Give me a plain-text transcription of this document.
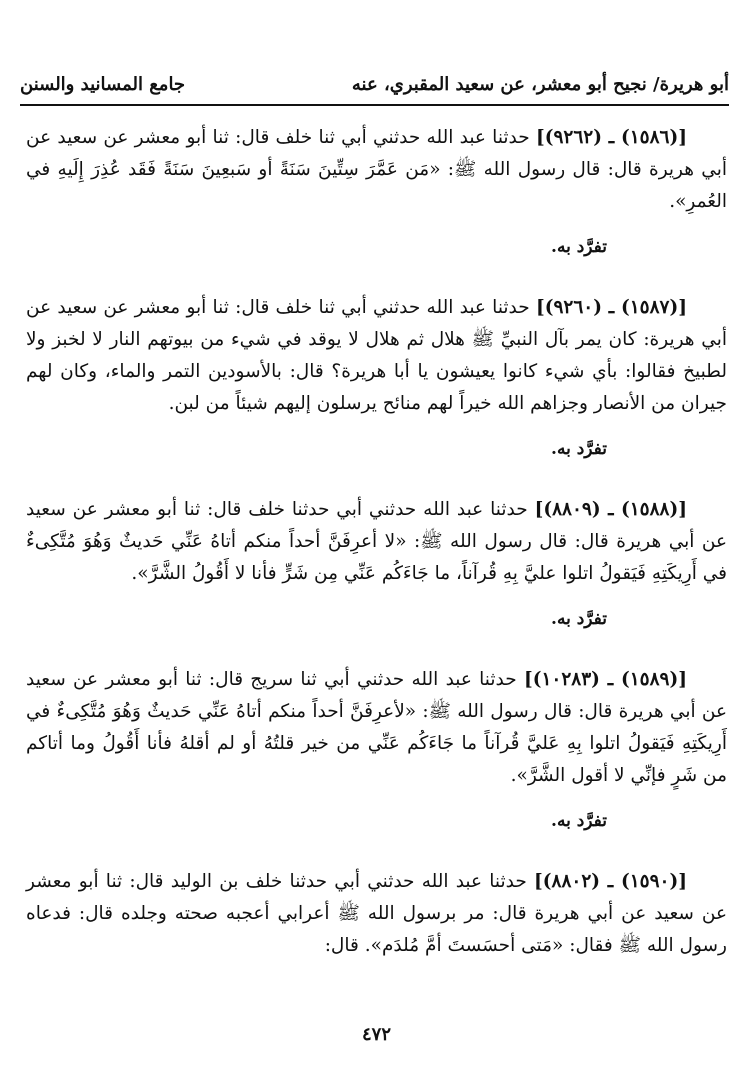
أبو هريرة/ نجيح أبو معشر، عن سعيد المقبري، عنه
جامع المسانيد والسنن

[(١٥٨٦) ـ (٩٢٦٢)] حدثنا عبد الله حدثني أبي ثنا خلف قال: ثنا أبو معشر عن سعيد عن أبي هريرة قال: قال رسول الله ﷺ: «مَن عَمَّرَ سِتِّينَ سَنَةً أو سَبعِينَ سَنَةً فَقَد عُذِرَ إِلَيهِ في العُمرِ».

تفرَّد به.

[(١٥٨٧) ـ (٩٢٦٠)] حدثنا عبد الله حدثني أبي ثنا خلف قال: ثنا أبو معشر عن سعيد عن أبي هريرة: كان يمر بآل النبيِّ ﷺ هلال ثم هلال لا يوقد في شيء من بيوتهم النار لا لخبز ولا لطبيخ فقالوا: بأي شيء كانوا يعيشون يا أبا هريرة؟ قال: بالأسودين التمر والماء، وكان لهم جيران من الأنصار وجزاهم الله خيراً لهم منائح يرسلون إليهم شيئاً من لبن.

تفرَّد به.

[(١٥٨٨) ـ (٨٨٠٩)] حدثنا عبد الله حدثني أبي حدثنا خلف قال: ثنا أبو معشر عن سعيد عن أبي هريرة قال: قال رسول الله ﷺ: «لا أعرِفَنَّ أحداً منكم أتاهُ عَنِّي حَديثٌ وَهُوَ مُتَّكِىءٌ في أَرِيكَتِهِ فَيَقولُ اتلوا عليَّ بِهِ قُرآناً، ما جَاءَكُم عَنِّي مِن شَرٍّ فأنا لا أَقُولُ الشَّرَّ».

تفرَّد به.

[(١٥٨٩) ـ (١٠٢٨٣)] حدثنا عبد الله حدثني أبي ثنا سريج قال: ثنا أبو معشر عن سعيد عن أبي هريرة قال: قال رسول الله ﷺ: «لأعرِفَنَّ أحداً منكم أتاهُ عَنِّي حَديثٌ وَهُوَ مُتَّكِىءٌ في أَرِيكَتِهِ فَيَقولُ اتلوا بِهِ عَليَّ قُرآناً ما جَاءَكُم عَنِّي من خير قلتُهُ أو لم أقلهُ فأنا أَقُولُ وما أتاكم من شَرٍ فإنِّي لا أقول الشَّرَّ».

تفرَّد به.

[(١٥٩٠) ـ (٨٨٠٢)] حدثنا عبد الله حدثني أبي حدثنا خلف بن الوليد قال: ثنا أبو معشر عن سعيد عن أبي هريرة قال: مر برسول الله ﷺ أعرابي أعجبه صحته وجلده قال: فدعاه رسول الله ﷺ فقال: «مَتى أحسَستَ أمَّ مُلدَم». قال:

٤٧٢
